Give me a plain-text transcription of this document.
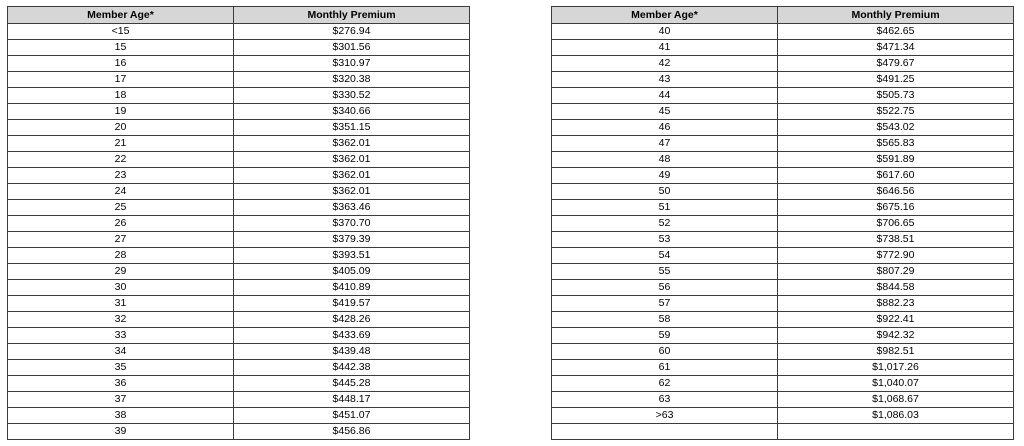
Member Age*	Monthly Premium
<15	$276.94
15	$301.56
16	$310.97
17	$320.38
18	$330.52
19	$340.66
20	$351.15
21	$362.01
22	$362.01
23	$362.01
24	$362.01
25	$363.46
26	$370.70
27	$379.39
28	$393.51
29	$405.09
30	$410.89
31	$419.57
32	$428.26
33	$433.69
34	$439.48
35	$442.38
36	$445.28
37	$448.17
38	$451.07
39	$456.86
Member Age*	Monthly Premium
40	$462.65
41	$471.34
42	$479.67
43	$491.25
44	$505.73
45	$522.75
46	$543.02
47	$565.83
48	$591.89
49	$617.60
50	$646.56
51	$675.16
52	$706.65
53	$738.51
54	$772.90
55	$807.29
56	$844.58
57	$882.23
58	$922.41
59	$942.32
60	$982.51
61	$1,017.26
62	$1,040.07
63	$1,068.67
>63	$1,086.03
